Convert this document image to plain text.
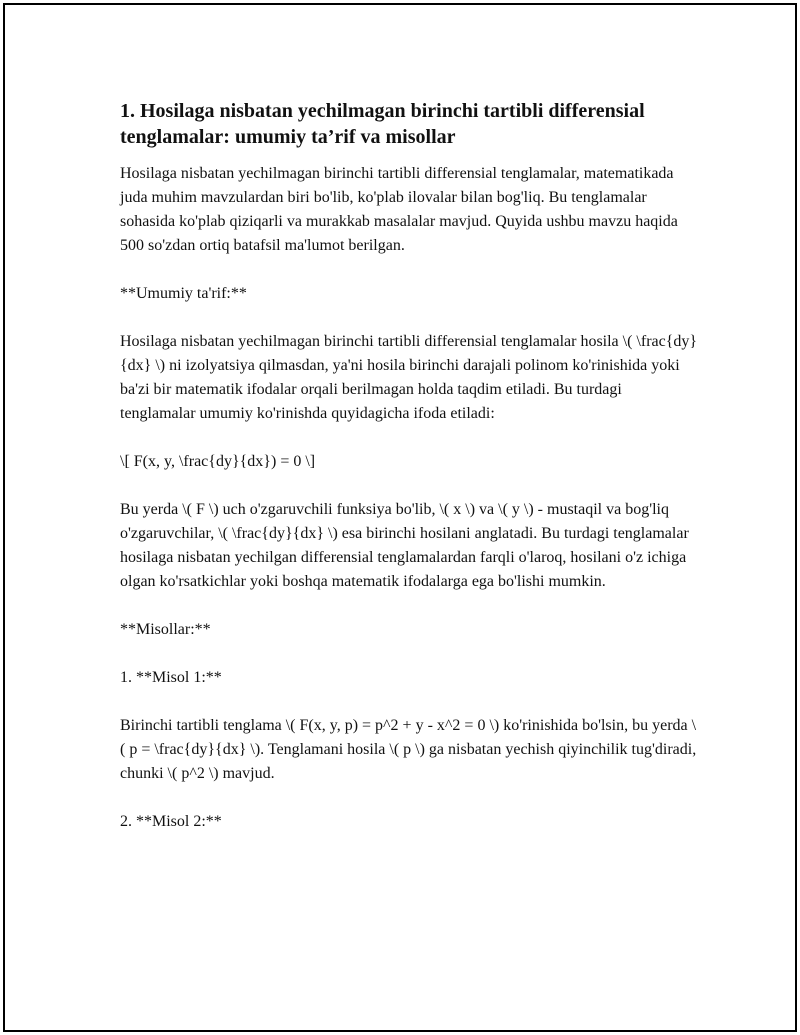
1. Hosilaga nisbatan yechilmagan birinchi tartibli differensial tenglamalar: umumiy ta’rif va misollar

Hosilaga nisbatan yechilmagan birinchi tartibli differensial tenglamalar, matematikada juda muhim mavzulardan biri bo'lib, ko'plab ilovalar bilan bog'liq. Bu tenglamalar sohasida ko'plab qiziqarli va murakkab masalalar mavjud. Quyida ushbu mavzu haqida 500 so'zdan ortiq batafsil ma'lumot berilgan.

**Umumiy ta'rif:**

Hosilaga nisbatan yechilmagan birinchi tartibli differensial tenglamalar hosila \( \frac{dy}{dx} \) ni izolyatsiya qilmasdan, ya'ni hosila birinchi darajali polinom ko'rinishida yoki ba'zi bir matematik ifodalar orqali berilmagan holda taqdim etiladi. Bu turdagi tenglamalar umumiy ko'rinishda quyidagicha ifoda etiladi:

\[ F(x, y, \frac{dy}{dx}) = 0 \]

Bu yerda \( F \) uch o'zgaruvchili funksiya bo'lib, \( x \) va \( y \) - mustaqil va bog'liq o'zgaruvchilar, \( \frac{dy}{dx} \) esa birinchi hosilani anglatadi. Bu turdagi tenglamalar hosilaga nisbatan yechilgan differensial tenglamalardan farqli o'laroq, hosilani o'z ichiga olgan ko'rsatkichlar yoki boshqa matematik ifodalarga ega bo'lishi mumkin.

**Misollar:**

1. **Misol 1:**

Birinchi tartibli tenglama \( F(x, y, p) = p^2 + y - x^2 = 0 \) ko'rinishida bo'lsin, bu yerda \( p = \frac{dy}{dx} \). Tenglamani hosila \( p \) ga nisbatan yechish qiyinchilik tug'diradi, chunki \( p^2 \) mavjud.

2. **Misol 2:**
